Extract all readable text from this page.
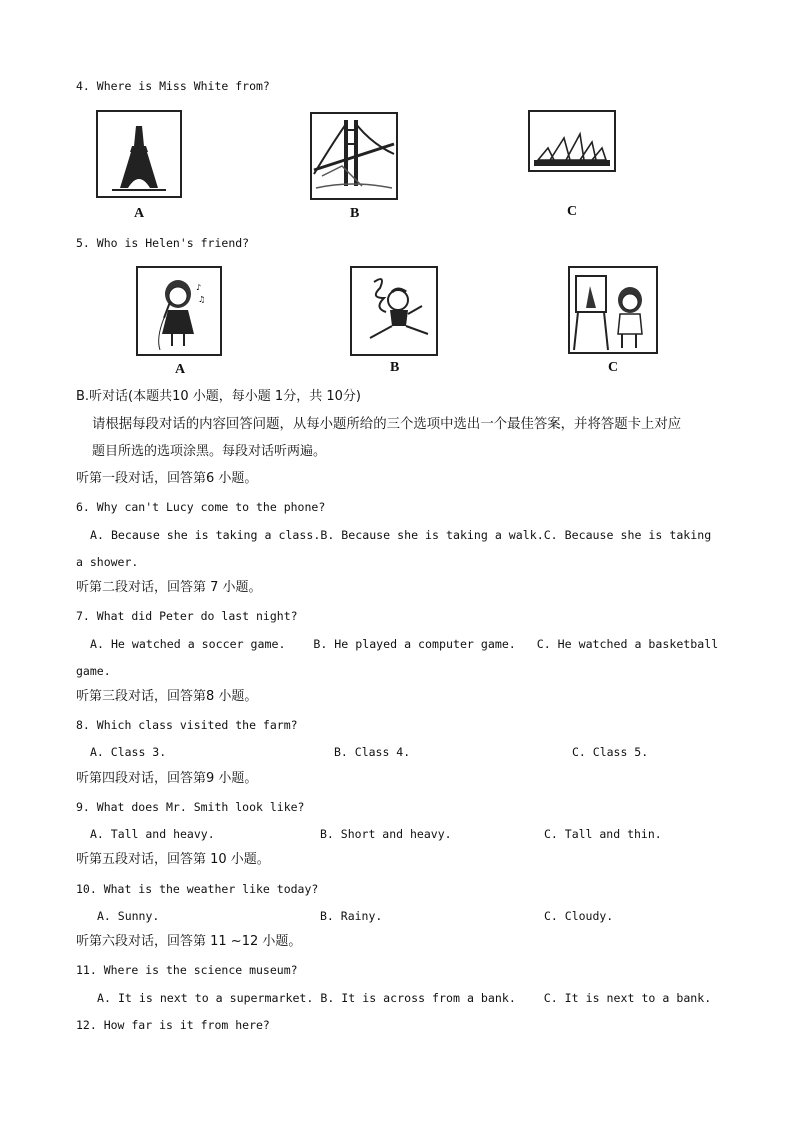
4. Where is Miss White from?
A	B	C
5. Who is Helen's friend?
♪
♫
A	B	C
B.听对话(本题共10 小题，每小题 1分，共 10分)
请根据每段对话的内容回答问题，从每小题所给的三个选项中选出一个最佳答案，并将答题卡上对应
题目所选的选项涂黑。每段对话听两遍。
听第一段对话，回答第6 小题。
6. Why can't Lucy come to the phone?
A. Because she is taking a class.B. Because she is taking a walk.C. Because she is taking
a shower.
听第二段对话，回答第 7 小题。
7. What did Peter do last night?
A. He watched a soccer game.    B. He played a computer game.   C. He watched a basketball
game.
听第三段对话，回答第8 小题。
8. Which class visited the farm?
A. Class 3.	B. Class 4.	C. Class 5.
听第四段对话，回答第9 小题。
9. What does Mr. Smith look like?
A. Tall and heavy.	B. Short and heavy.	C. Tall and thin.
听第五段对话，回答第 10 小题。
10. What is the weather like today?
A. Sunny.	B. Rainy.	C. Cloudy.
听第六段对话，回答第 11 ~12 小题。
11. Where is the science museum?
A. It is next to a supermarket. B. It is across from a bank.    C. It is next to a bank.
12. How far is it from here?
